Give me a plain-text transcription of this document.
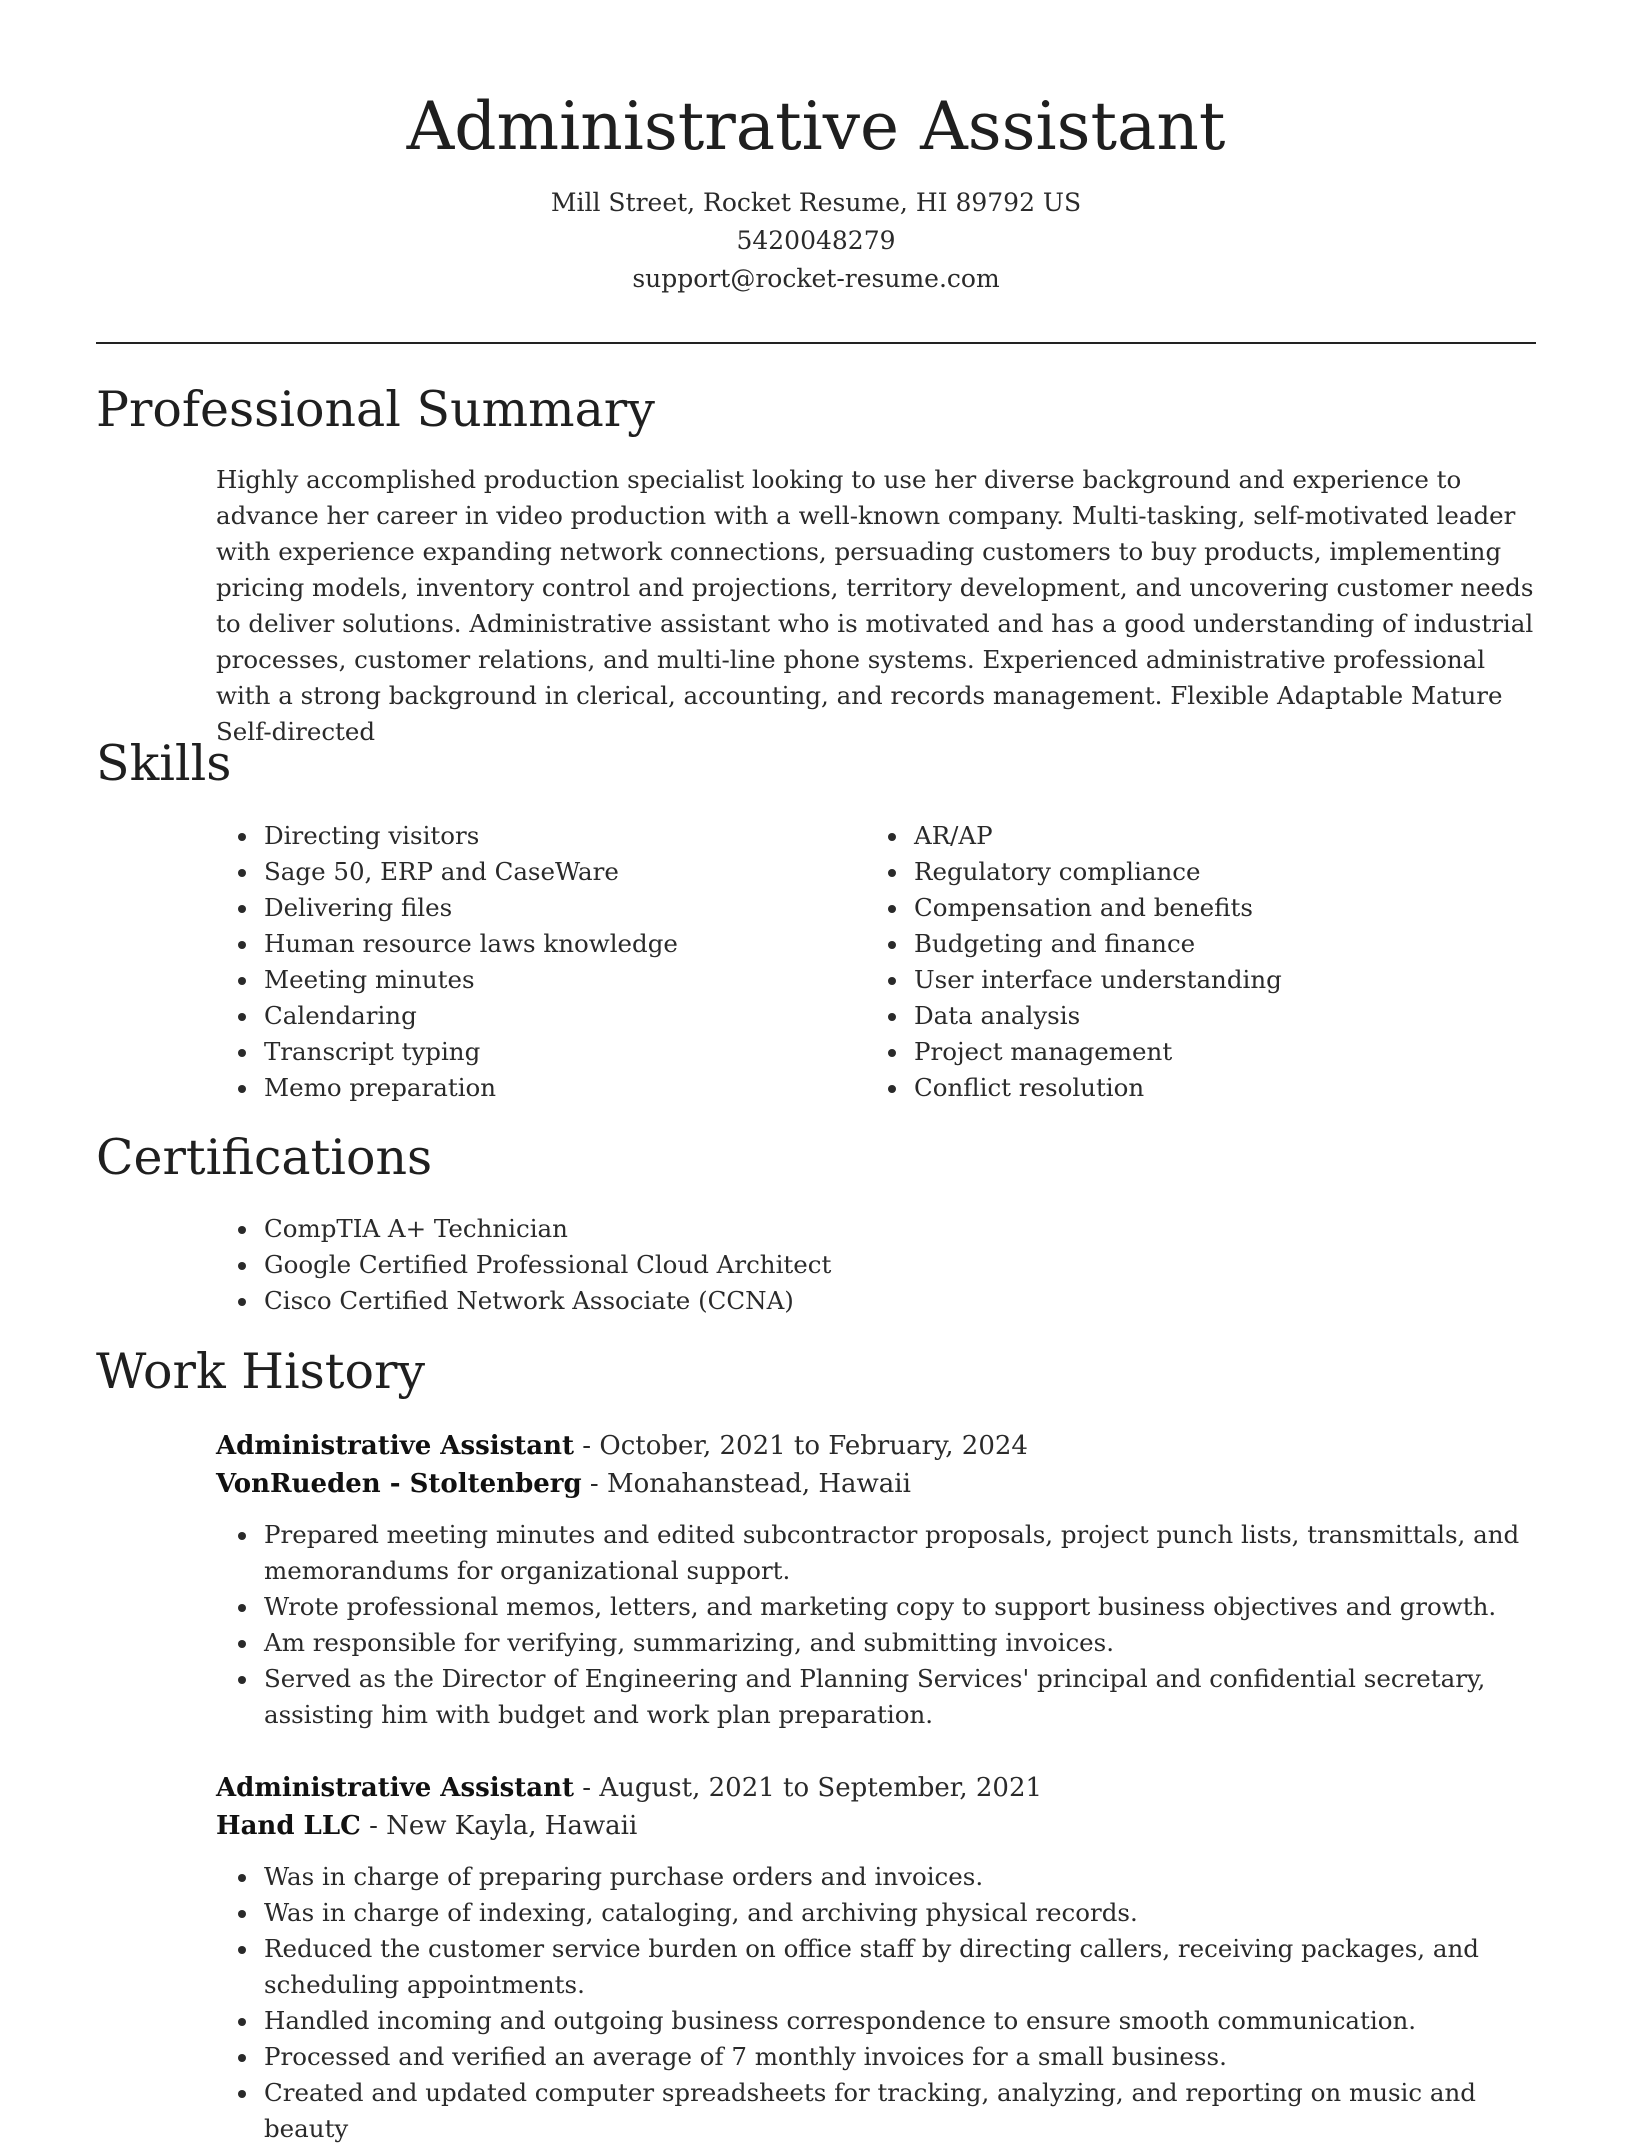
Administrative Assistant
Mill Street, Rocket Resume, HI 89792 US
5420048279
support@rocket-resume.com
Professional Summary

Highly accomplished production specialist looking to use her diverse background and experience to advance her career in video production with a well-known company. Multi-tasking, self-motivated leader with experience expanding network connections, persuading customers to buy products, implementing pricing models, inventory control and projections, territory development, and uncovering customer needs to deliver solutions. Administrative assistant who is motivated and has a good understanding of industrial processes, customer relations, and multi-line phone systems. Experienced administrative professional with a strong background in clerical, accounting, and records management. Flexible Adaptable Mature Self-directed

Skills
• Directing visitors
• Sage 50, ERP and CaseWare
• Delivering files
• Human resource laws knowledge
• Meeting minutes
• Calendaring
• Transcript typing
• Memo preparation
• AR/AP
• Regulatory compliance
• Compensation and benefits
• Budgeting and finance
• User interface understanding
• Data analysis
• Project management
• Conflict resolution
Certifications
• CompTIA A+ Technician
• Google Certified Professional Cloud Architect
• Cisco Certified Network Associate (CCNA)
Work History

Administrative Assistant - October, 2021 to February, 2024

VonRueden - Stoltenberg - Monahanstead, Hawaii

• Prepared meeting minutes and edited subcontractor proposals, project punch lists, transmittals, and memorandums for organizational support.
• Wrote professional memos, letters, and marketing copy to support business objectives and growth.
• Am responsible for verifying, summarizing, and submitting invoices.
• Served as the Director of Engineering and Planning Services' principal and confidential secretary, assisting him with budget and work plan preparation.

Administrative Assistant - August, 2021 to September, 2021

Hand LLC - New Kayla, Hawaii

• Was in charge of preparing purchase orders and invoices.
• Was in charge of indexing, cataloging, and archiving physical records.
• Reduced the customer service burden on office staff by directing callers, receiving packages, and scheduling appointments.
• Handled incoming and outgoing business correspondence to ensure smooth communication.
• Processed and verified an average of 7 monthly invoices for a small business.
• Created and updated computer spreadsheets for tracking, analyzing, and reporting on music and beauty
